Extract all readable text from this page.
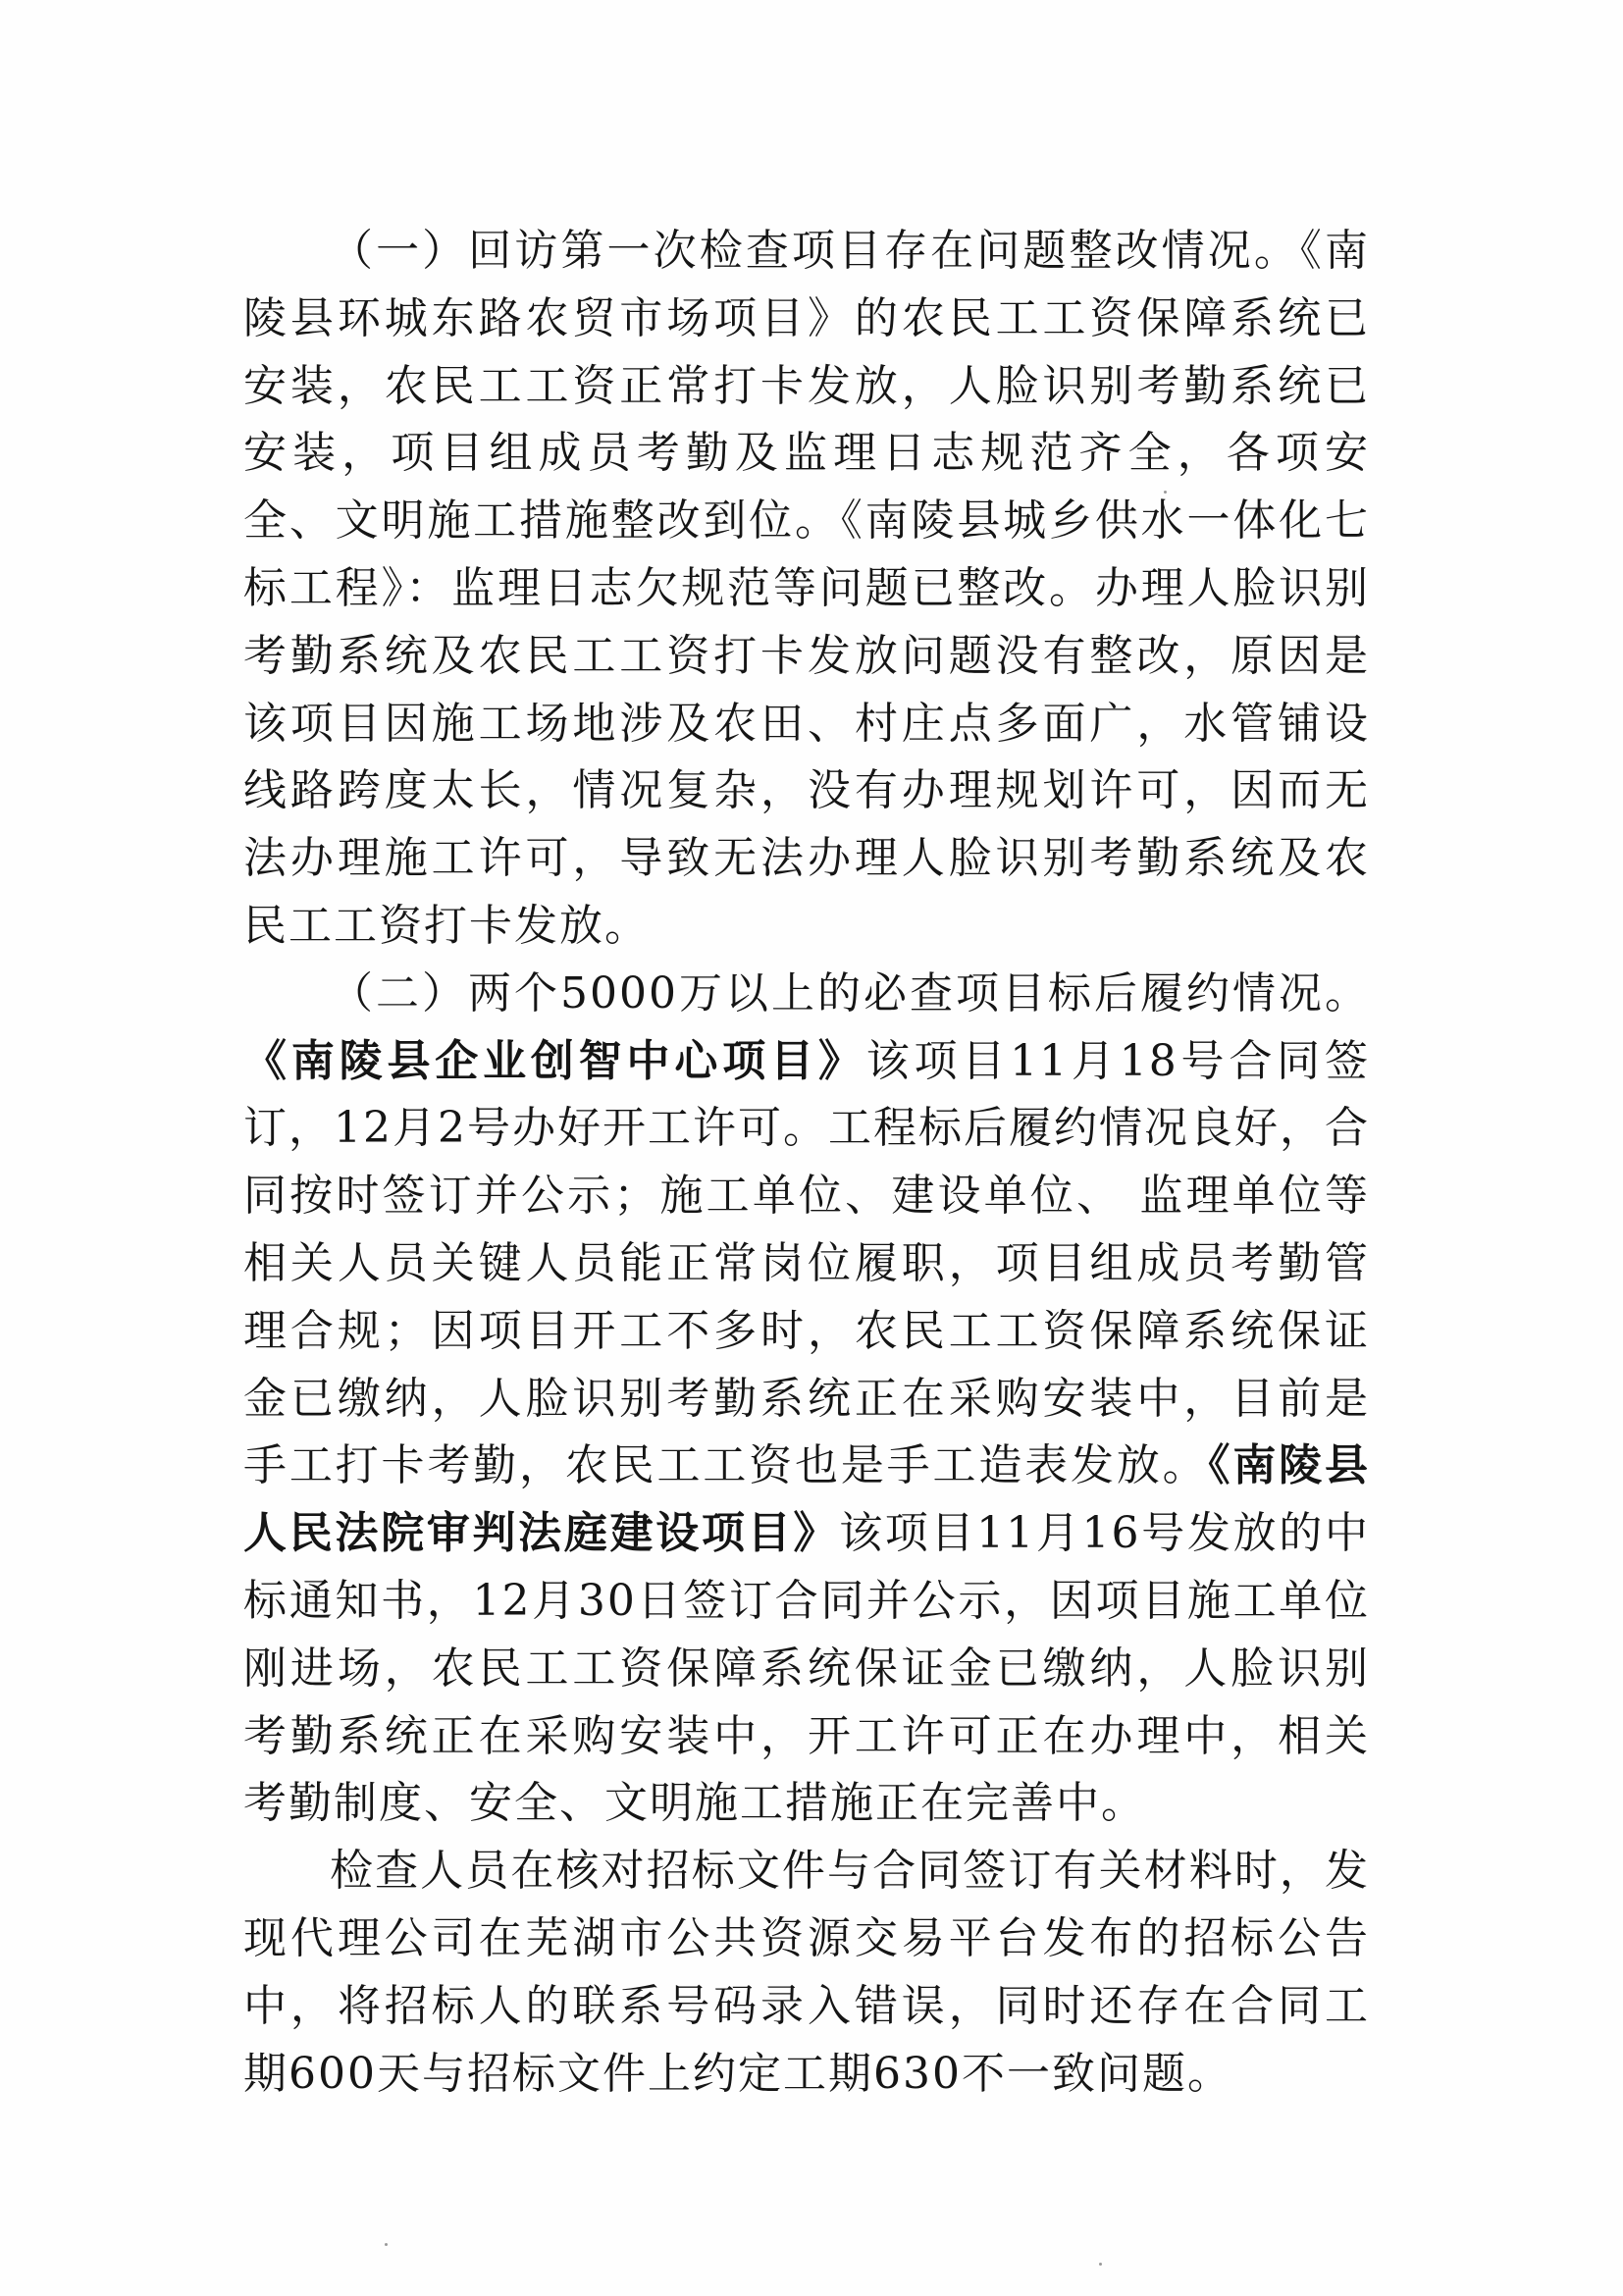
（一）回访第一次检查项目存在问题整改情况。《南陵县环城东路农贸市场项目》的农民工工资保障系统已安装，农民工工资正常打卡发放，人脸识别考勤系统已安装，项目组成员考勤及监理日志规范齐全，各项安全、文明施工措施整改到位。《南陵县城乡供水一体化七标工程》：监理日志欠规范等问题已整改。办理人脸识别考勤系统及农民工工资打卡发放问题没有整改，原因是该项目因施工场地涉及农田、村庄点多面广，水管铺设线路跨度太长，情况复杂，没有办理规划许可，因而无法办理施工许可，导致无法办理人脸识别考勤系统及农民工工资打卡发放。

（二）两个5000万以上的必查项目标后履约情况。《南陵县企业创智中心项目》该项目11月18号合同签订，12月2号办好开工许可。工程标后履约情况良好，合同按时签订并公示；施工单位、建设单位、 监理单位等相关人员关键人员能正常岗位履职，项目组成员考勤管理合规；因项目开工不多时，农民工工资保障系统保证金已缴纳，人脸识别考勤系统正在采购安装中，目前是手工打卡考勤，农民工工资也是手工造表发放。《南陵县人民法院审判法庭建设项目》该项目11月16号发放的中标通知书，12月30日签订合同并公示，因项目施工单位刚进场，农民工工资保障系统保证金已缴纳，人脸识别考勤系统正在采购安装中，开工许可正在办理中，相关考勤制度、安全、文明施工措施正在完善中。

检查人员在核对招标文件与合同签订有关材料时，发现代理公司在芜湖市公共资源交易平台发布的招标公告中，将招标人的联系号码录入错误，同时还存在合同工期600天与招标文件上约定工期630不一致问题。
